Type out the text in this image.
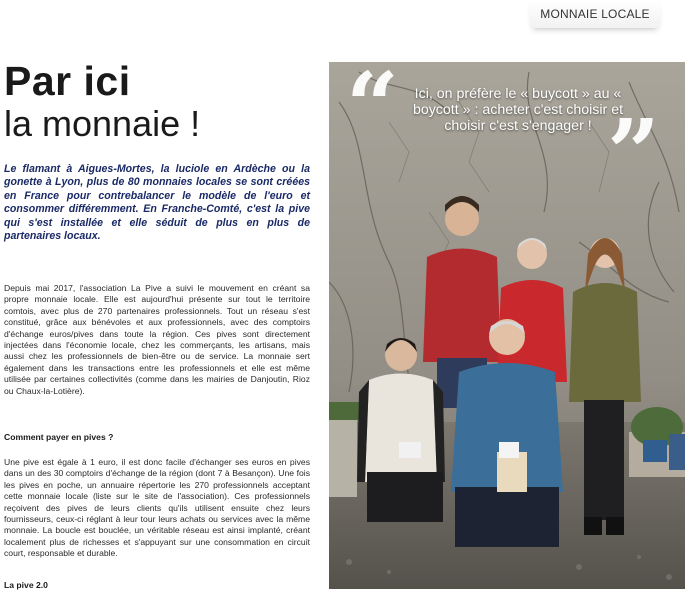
MONNAIE LOCALE
Par ici
la monnaie !
Le flamant à Aigues-Mortes, la luciole en Ardèche ou la gonette à Lyon, plus de 80 monnaies locales se sont créées en France pour contrebalancer le modèle de l'euro et consommer différemment. En Franche-Comté, c'est la pive qui s'est installée et elle séduit de plus en plus de partenaires locaux.
Depuis mai 2017, l'association La Pive a suivi le mouvement en créant sa propre monnaie locale. Elle est aujourd'hui présente sur tout le territoire comtois, avec plus de 270 partenaires professionnels. Tout un réseau s'est constitué, grâce aux bénévoles et aux professionnels, avec des comptoirs d'échange euros/pives dans toute la région. Ces pives sont directement injectées dans l'économie locale, chez les commerçants, les artisans, mais aussi chez les professionnels de bien-être ou de service. La monnaie sert également dans les transactions entre les professionnels et elle est même utilisée par certaines collectivités (comme dans les mairies de Danjoutin, Rioz ou Chaux-la-Lotière).
Comment payer en pives ?
Une pive est égale à 1 euro, il est donc facile d'échanger ses euros en pives dans un des 30 comptoirs d'échange de la région (dont 7 à Besançon). Une fois les pives en poche, un annuaire répertorie les 270 professionnels acceptant cette monnaie locale (liste sur le site de l'association). Ces professionnels reçoivent des pives de leurs clients qu'ils utilisent ensuite chez leurs fournisseurs, ceux-ci réglant à leur tour leurs achats ou services avec la même monnaie. La boucle est bouclée, un véritable réseau est ainsi implanté, créant localement plus de richesses et s'appuyant sur une consommation en circuit court, responsable et durable.
La pive 2.0
“	Ici, on préfère le « buycott » au « boycott » : acheter c'est choisir et choisir c'est s'engager ! ”
